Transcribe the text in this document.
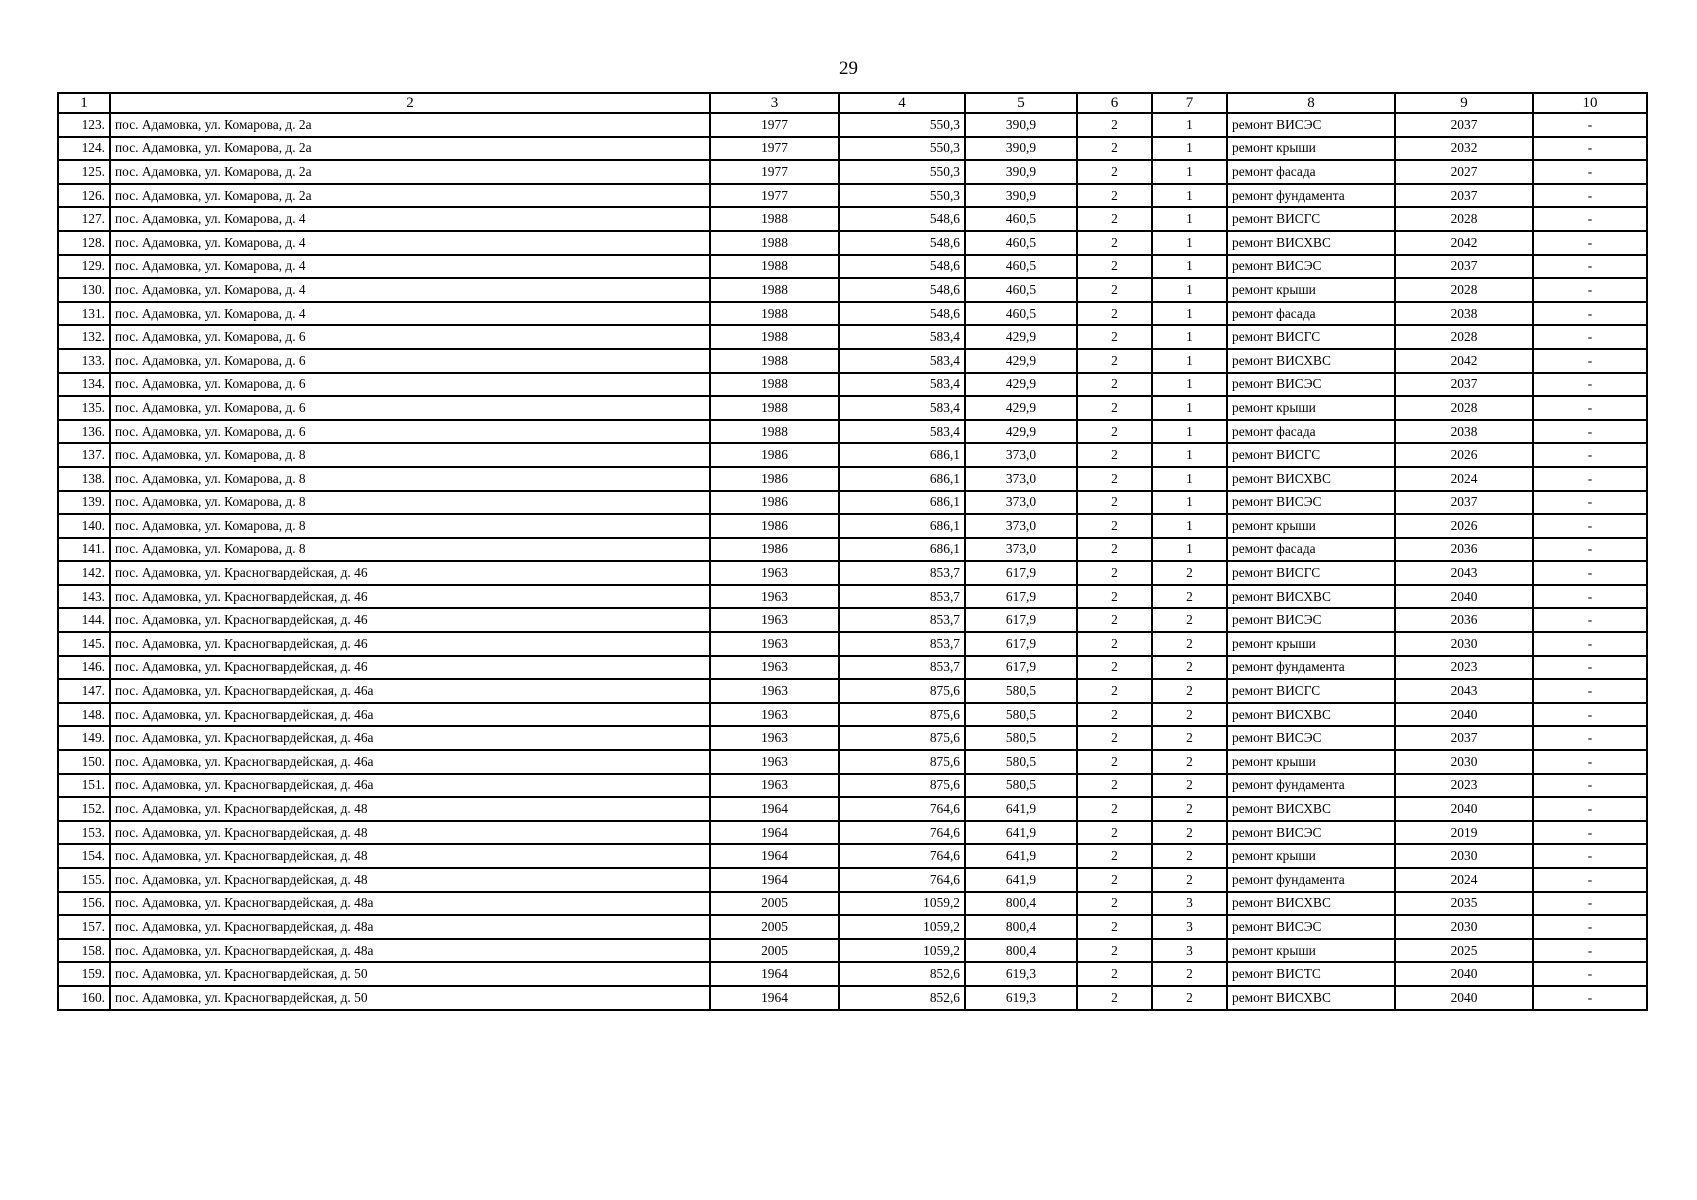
29
1	2	3	4	5	6	7	8	9	10
123.	пос. Адамовка, ул. Комарова, д. 2а	1977	550,3	390,9	2	1	ремонт ВИСЭС	2037	-
124.	пос. Адамовка, ул. Комарова, д. 2а	1977	550,3	390,9	2	1	ремонт крыши	2032	-
125.	пос. Адамовка, ул. Комарова, д. 2а	1977	550,3	390,9	2	1	ремонт фасада	2027	-
126.	пос. Адамовка, ул. Комарова, д. 2а	1977	550,3	390,9	2	1	ремонт фундамента	2037	-
127.	пос. Адамовка, ул. Комарова, д. 4	1988	548,6	460,5	2	1	ремонт ВИСГС	2028	-
128.	пос. Адамовка, ул. Комарова, д. 4	1988	548,6	460,5	2	1	ремонт ВИСХВС	2042	-
129.	пос. Адамовка, ул. Комарова, д. 4	1988	548,6	460,5	2	1	ремонт ВИСЭС	2037	-
130.	пос. Адамовка, ул. Комарова, д. 4	1988	548,6	460,5	2	1	ремонт крыши	2028	-
131.	пос. Адамовка, ул. Комарова, д. 4	1988	548,6	460,5	2	1	ремонт фасада	2038	-
132.	пос. Адамовка, ул. Комарова, д. 6	1988	583,4	429,9	2	1	ремонт ВИСГС	2028	-
133.	пос. Адамовка, ул. Комарова, д. 6	1988	583,4	429,9	2	1	ремонт ВИСХВС	2042	-
134.	пос. Адамовка, ул. Комарова, д. 6	1988	583,4	429,9	2	1	ремонт ВИСЭС	2037	-
135.	пос. Адамовка, ул. Комарова, д. 6	1988	583,4	429,9	2	1	ремонт крыши	2028	-
136.	пос. Адамовка, ул. Комарова, д. 6	1988	583,4	429,9	2	1	ремонт фасада	2038	-
137.	пос. Адамовка, ул. Комарова, д. 8	1986	686,1	373,0	2	1	ремонт ВИСГС	2026	-
138.	пос. Адамовка, ул. Комарова, д. 8	1986	686,1	373,0	2	1	ремонт ВИСХВС	2024	-
139.	пос. Адамовка, ул. Комарова, д. 8	1986	686,1	373,0	2	1	ремонт ВИСЭС	2037	-
140.	пос. Адамовка, ул. Комарова, д. 8	1986	686,1	373,0	2	1	ремонт крыши	2026	-
141.	пос. Адамовка, ул. Комарова, д. 8	1986	686,1	373,0	2	1	ремонт фасада	2036	-
142.	пос. Адамовка, ул. Красногвардейская, д. 46	1963	853,7	617,9	2	2	ремонт ВИСГС	2043	-
143.	пос. Адамовка, ул. Красногвардейская, д. 46	1963	853,7	617,9	2	2	ремонт ВИСХВС	2040	-
144.	пос. Адамовка, ул. Красногвардейская, д. 46	1963	853,7	617,9	2	2	ремонт ВИСЭС	2036	-
145.	пос. Адамовка, ул. Красногвардейская, д. 46	1963	853,7	617,9	2	2	ремонт крыши	2030	-
146.	пос. Адамовка, ул. Красногвардейская, д. 46	1963	853,7	617,9	2	2	ремонт фундамента	2023	-
147.	пос. Адамовка, ул. Красногвардейская, д. 46а	1963	875,6	580,5	2	2	ремонт ВИСГС	2043	-
148.	пос. Адамовка, ул. Красногвардейская, д. 46а	1963	875,6	580,5	2	2	ремонт ВИСХВС	2040	-
149.	пос. Адамовка, ул. Красногвардейская, д. 46а	1963	875,6	580,5	2	2	ремонт ВИСЭС	2037	-
150.	пос. Адамовка, ул. Красногвардейская, д. 46а	1963	875,6	580,5	2	2	ремонт крыши	2030	-
151.	пос. Адамовка, ул. Красногвардейская, д. 46а	1963	875,6	580,5	2	2	ремонт фундамента	2023	-
152.	пос. Адамовка, ул. Красногвардейская, д. 48	1964	764,6	641,9	2	2	ремонт ВИСХВС	2040	-
153.	пос. Адамовка, ул. Красногвардейская, д. 48	1964	764,6	641,9	2	2	ремонт ВИСЭС	2019	-
154.	пос. Адамовка, ул. Красногвардейская, д. 48	1964	764,6	641,9	2	2	ремонт крыши	2030	-
155.	пос. Адамовка, ул. Красногвардейская, д. 48	1964	764,6	641,9	2	2	ремонт фундамента	2024	-
156.	пос. Адамовка, ул. Красногвардейская, д. 48а	2005	1059,2	800,4	2	3	ремонт ВИСХВС	2035	-
157.	пос. Адамовка, ул. Красногвардейская, д. 48а	2005	1059,2	800,4	2	3	ремонт ВИСЭС	2030	-
158.	пос. Адамовка, ул. Красногвардейская, д. 48а	2005	1059,2	800,4	2	3	ремонт крыши	2025	-
159.	пос. Адамовка, ул. Красногвардейская, д. 50	1964	852,6	619,3	2	2	ремонт ВИСТС	2040	-
160.	пос. Адамовка, ул. Красногвардейская, д. 50	1964	852,6	619,3	2	2	ремонт ВИСХВС	2040	-
